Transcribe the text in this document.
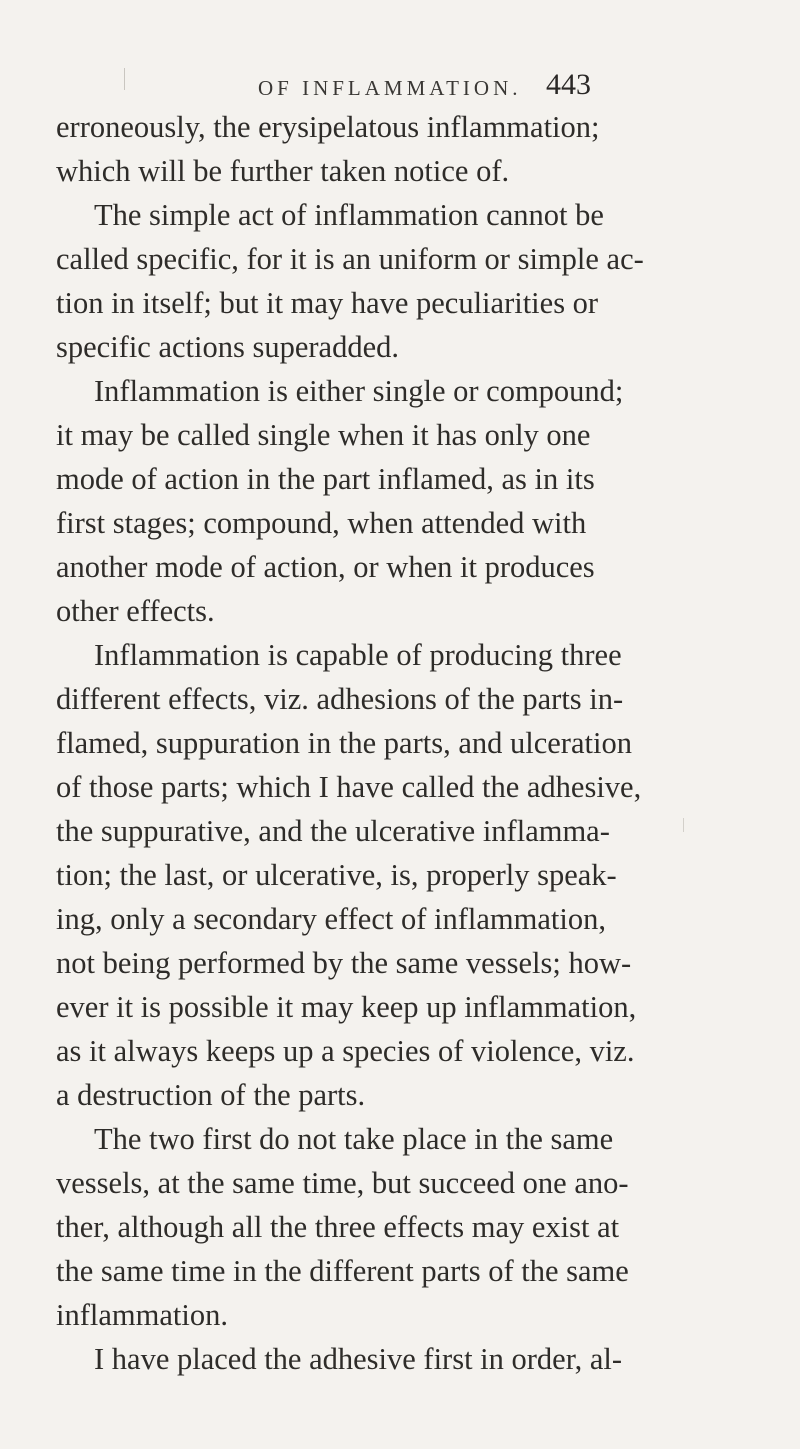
OF INFLAMMATION. 443
erroneously, the erysipelatous inflammation;
which will be further taken notice of.
The simple act of inflammation cannot be
called specific, for it is an uniform or simple ac-
tion in itself; but it may have peculiarities or
specific actions superadded.
Inflammation is either single or compound;
it may be called single when it has only one
mode of action in the part inflamed, as in its
first stages; compound, when attended with
another mode of action, or when it produces
other effects.
Inflammation is capable of producing three
different effects, viz. adhesions of the parts in-
flamed, suppuration in the parts, and ulceration
of those parts; which I have called the adhesive,
the suppurative, and the ulcerative inflamma-
tion; the last, or ulcerative, is, properly speak-
ing, only a secondary effect of inflammation,
not being performed by the same vessels; how-
ever it is possible it may keep up inflammation,
as it always keeps up a species of violence, viz.
a destruction of the parts.
The two first do not take place in the same
vessels, at the same time, but succeed one ano-
ther, although all the three effects may exist at
the same time in the different parts of the same
inflammation.
I have placed the adhesive first in order, al-
